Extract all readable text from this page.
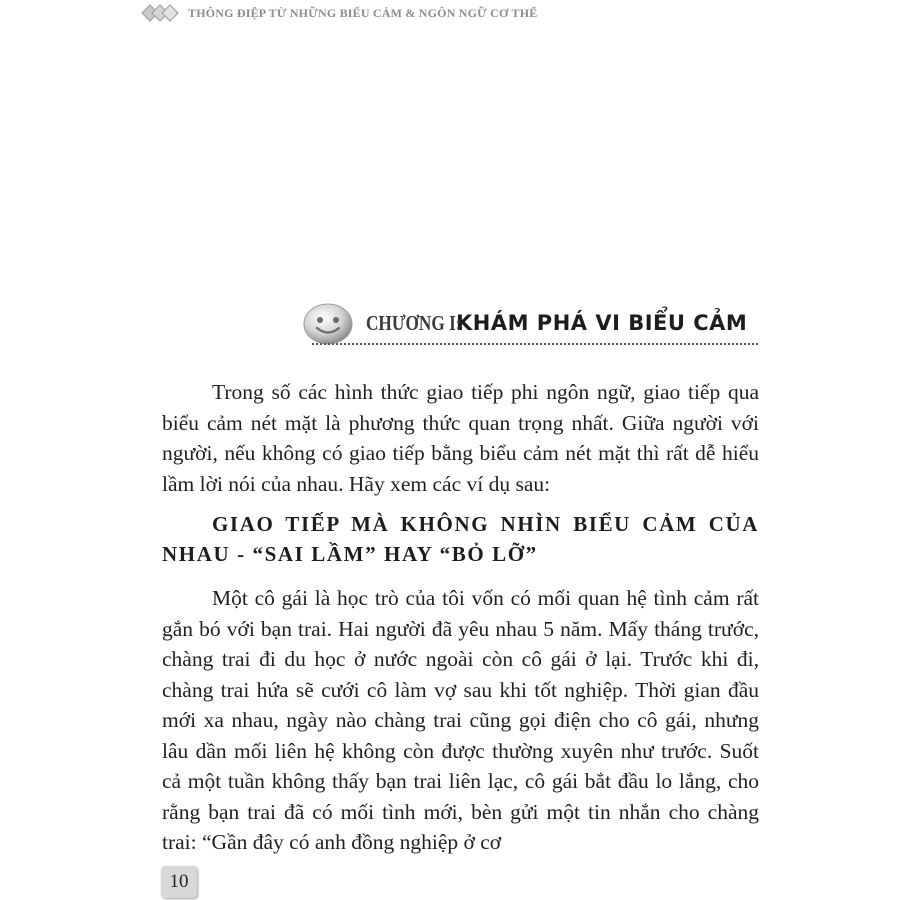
THÔNG ĐIỆP TỪ NHỮNG BIỂU CẢM & NGÔN NGỮ CƠ THỂ
CHƯƠNG I:
KHÁM PHÁ VI BIỂU CẢM

Trong số các hình thức giao tiếp phi ngôn ngữ, giao tiếp qua biểu cảm nét mặt là phương thức quan trọng nhất. Giữa người với người, nếu không có giao tiếp bằng biểu cảm nét mặt thì rất dễ hiểu lầm lời nói của nhau. Hãy xem các ví dụ sau:

GIAO TIẾP MÀ KHÔNG NHÌN BIỂU CẢM CỦA NHAU - “SAI LẦM” HAY “BỎ LỠ”

Một cô gái là học trò của tôi vốn có mối quan hệ tình cảm rất gắn bó với bạn trai. Hai người đã yêu nhau 5 năm. Mấy tháng trước, chàng trai đi du học ở nước ngoài còn cô gái ở lại. Trước khi đi, chàng trai hứa sẽ cưới cô làm vợ sau khi tốt nghiệp. Thời gian đầu mới xa nhau, ngày nào chàng trai cũng gọi điện cho cô gái, nhưng lâu dần mối liên hệ không còn được thường xuyên như trước. Suốt cả một tuần không thấy bạn trai liên lạc, cô gái bắt đầu lo lắng, cho rằng bạn trai đã có mối tình mới, bèn gửi một tin nhắn cho chàng trai: “Gần đây có anh đồng nghiệp ở cơ

10
